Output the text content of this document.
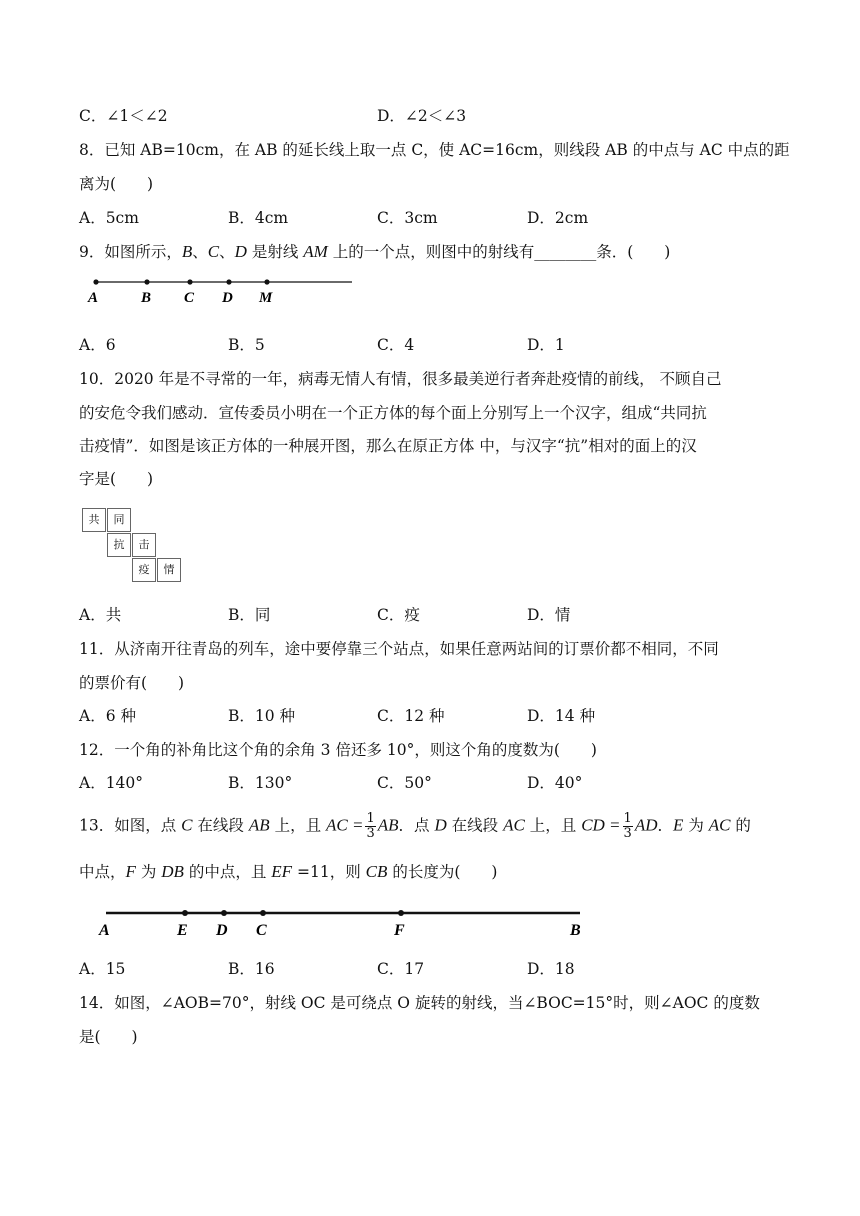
C．∠1＜∠2	D．∠2＜∠3
8．已知 AB=10cm，在 AB 的延长线上取一点 C，使 AC=16cm，则线段 AB 的中点与 AC 中点的距
离为(　　)
A．5cm	B．4cm	C．3cm	D．2cm
9．如图所示，B、C、D 是射线 AM 上的一个点，则图中的射线有________条．(　　)
A	B C D M
A．6	B．5	C．4	D．1
10．2020 年是不寻常的一年，病毒无情人有情，很多最美逆行者奔赴疫情的前线， 不顾自己
的安危令我们感动．宣传委员小明在一个正方体的每个面上分别写上一个汉字，组成“共同抗
击疫情”．如图是该正方体的一种展开图，那么在原正方体 中，与汉字“抗”相对的面上的汉
字是(　　)
共	同
抗	击
疫	情
A．共	B．同	C．疫	D．情
11．从济南开往青岛的列车，途中要停靠三个站点，如果任意两站间的订票价都不相同，不同
的票价有(　　)
A．6 种	B．10 种	C．12 种	D．14 种
12．一个角的补角比这个角的余角 3 倍还多 10°，则这个角的度数为(　　)
A．140°	B．130°	C．50°	D．40°
13．如图，点 C 在线段 AB 上，且 AC = $\frac{1}{3}$ AB．点 D 在线段 AC 上，且 CD = $\frac{1}{3}$ AD．E 为 AC 的
中点，F 为 DB 的中点，且 EF =11，则 CB 的长度为(　　)
A	E D C	F	B
A．15	B．16	C．17	D．18
14．如图，∠AOB=70°，射线 OC 是可绕点 O 旋转的射线，当∠BOC=15°时，则∠AOC 的度数
是(　　)
